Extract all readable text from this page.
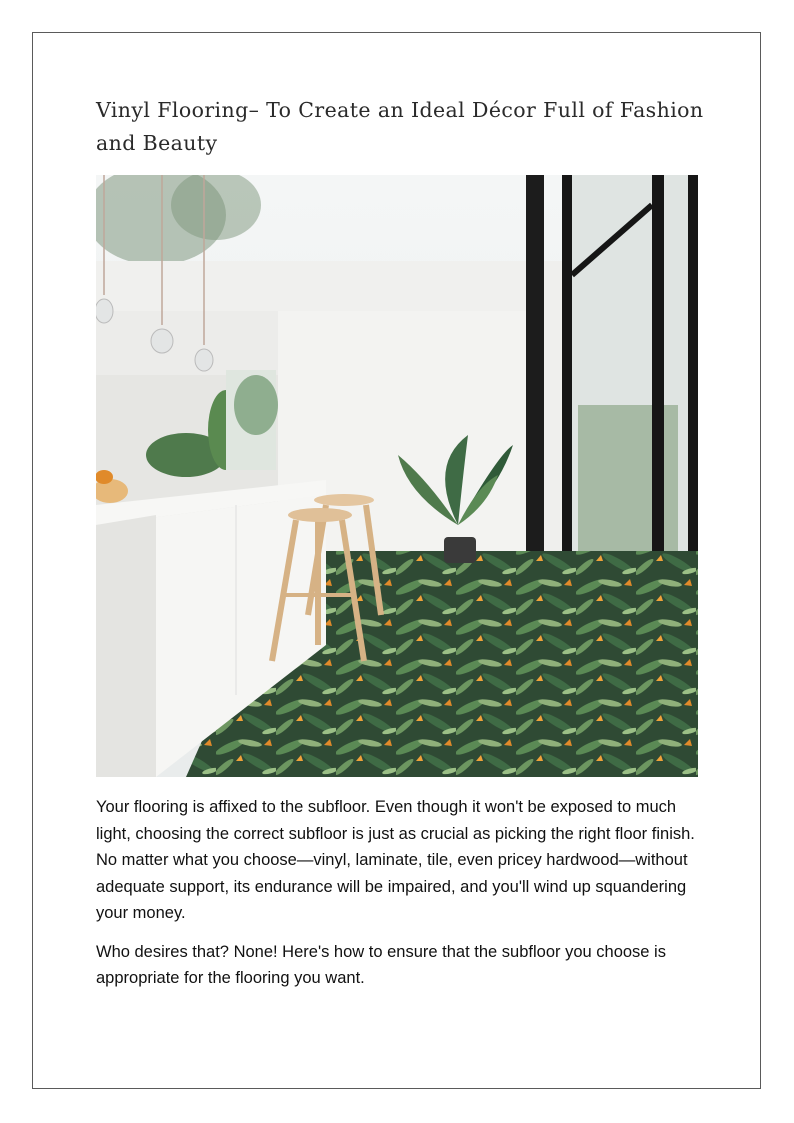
Vinyl Flooring– To Create an Ideal Décor Full of Fashion and Beauty

Your flooring is affixed to the subfloor. Even though it won't be exposed to much light, choosing the correct subfloor is just as crucial as picking the right floor finish. No matter what you choose—vinyl, laminate, tile, even pricey hardwood—without adequate support, its endurance will be impaired, and you'll wind up squandering your money.

Who desires that? None! Here's how to ensure that the subfloor you choose is appropriate for the flooring you want.
